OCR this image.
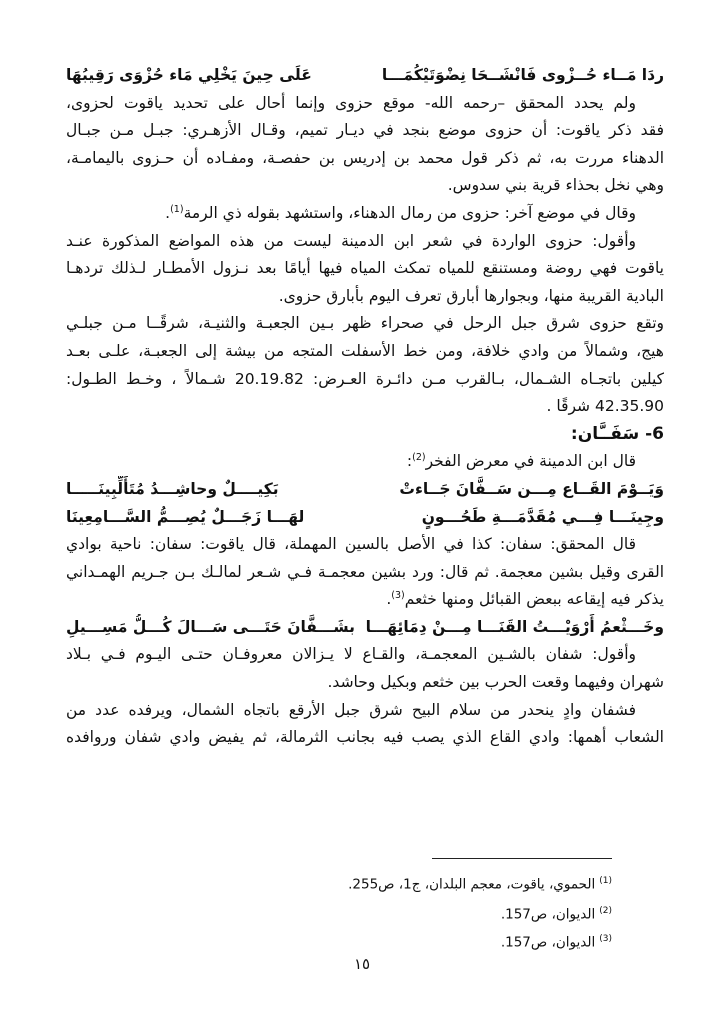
ردَا مَــاء حُــزْوى فَانْشَــحَا نِضْوَتَيْكُمَـــا
عَلَى حِينَ يَخْلِي مَاء حُزْوَى رَقِيبُهَا
ولم يحدد المحقق –رحمه الله- موقع حزوى وإنما أحال على تحديد ياقوت لحزوى،
فقد ذكر ياقوت: أن حزوى موضع بنجد في ديـار تميم، وقـال الأزهـري: جبـل مـن جبـال
الدهناء مررت به، ثم ذكر قول محمد بن إدريس بن حفصـة، ومفـاده أن حـزوى باليمامـة،
وهي نخل بحذاء قرية بني سدوس.
وقال في موضع آخر: حزوى من رمال الدهناء، واستشهد بقوله ذي الرمة$^{(1)}$.
وأقول: حزوى الواردة في شعر ابن الدمينة ليست من هذه المواضع المذكورة عنـد
ياقوت فهي روضة ومستنقع للمياه تمكث المياه فيها أيامًا بعد نـزول الأمطـار لـذلك تردهـا
البادية القريبة منها، وبجوارها أبارق تعرف اليوم بأبارق حزوى.
وتقع حزوى شرق جبل الرحل في صحراء ظهر بـين الجعبـة والثنيـة، شرقًــا مـن جبلـي
هيج، وشمالاً من وادي خلافة، ومن خط الأسفلت المتجه من بيشة إلى الجعبـة، علـى بعـد
كيلين باتجـاه الشـمال، بـالقرب مـن دائـرة العـرض: 20.19.82 شـمالاً ، وخـط الطـول:
42.35.90 شرقًا .
6- سَفَــَّان:
قال ابن الدمينة في معرض الفخر$^{(2)}$:
وَيَــوْمَ القَــاع مِـــن سَــفَّانَ جَــاءتْ
بَكِيــــلٌ وحاشِـــدُ مُتَأَلِّبِينَـــــا
وجِينَـــا فِـــي مُقَدَّمَـــةِ طَحُـــونٍ
لهَـــا زَجَـــلٌ يُصِـــمُّ السَّـــامِعِينَا
قال المحقق: سفان: كذا في الأصل بالسين المهملة، قال ياقوت: سفان: ناحية بوادي
القرى وقيل بشين معجمة. ثم قال: ورد بشين معجمـة فـي شـعر لمالـك بـن جـريم الهمـداني
يذكر فيه إيقاعه ببعض القبائل ومنها خثعم$^{(3)}$.
وخَـــثْعمُ أَرْوَيْـــتُ القَنَـــا مِـــنْ دِمَائِهَـــا
بشَـــفَّانَ حَتَـــى سَـــالَ كُـــلُّ مَسِـــيلِ
وأقول: شفان بالشـين المعجمـة، والقـاع لا يـزالان معروفـان حتـى اليـوم فـي بـلاد
شهران وفيهما وقعت الحرب بين خثعم وبكيل وحاشد.
فشفان وادٍ ينحدر من سلام البيح شرق جبل الأرقع باتجاه الشمال، ويرفده عدد من
الشعاب أهمها: وادي القاع الذي يصب فيه بجانب الثرمالة، ثم يفيض وادي شفان وروافده
$^{(1)}$الحموي، ياقوت، معجم البلدان، ج1، ص255.
$^{(2)}$الديوان، ص157.
$^{(3)}$الديوان، ص157.
١٥
